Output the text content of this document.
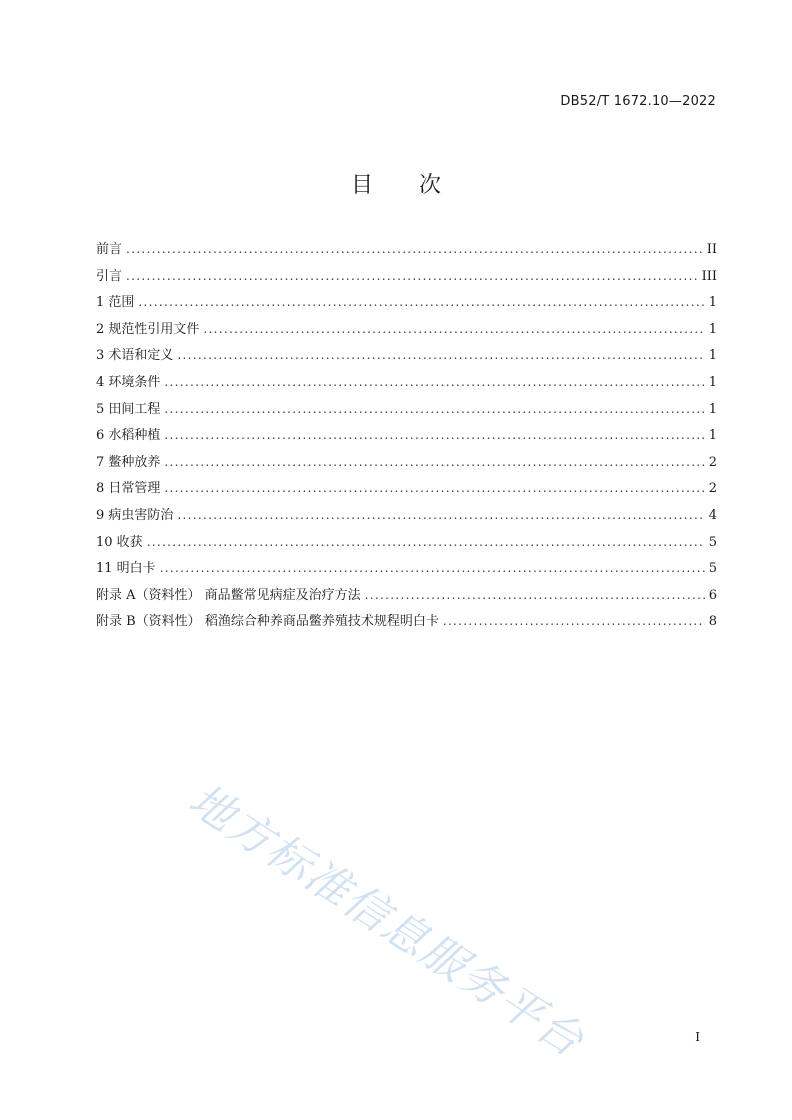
DB52/T 1672.10—2022
目 次
前言 .....	II
引言 .....	III
1 范围 .....	1
2 规范性引用文件 .....	1
3 术语和定义 .....	1
4 环境条件 .....	1
5 田间工程 .....	1
6 水稻种植 .....	1
7 鳖种放养 .....	2
8 日常管理 .....	2
9 病虫害防治 .....	4
10 收获 .....	5
11 明白卡 .....	5
附录 A（资料性） 商品鳖常见病症及治疗方法 .....	6
附录 B（资料性） 稻渔综合种养商品鳖养殖技术规程明白卡 .....	8
地方标准信息服务平台	I
